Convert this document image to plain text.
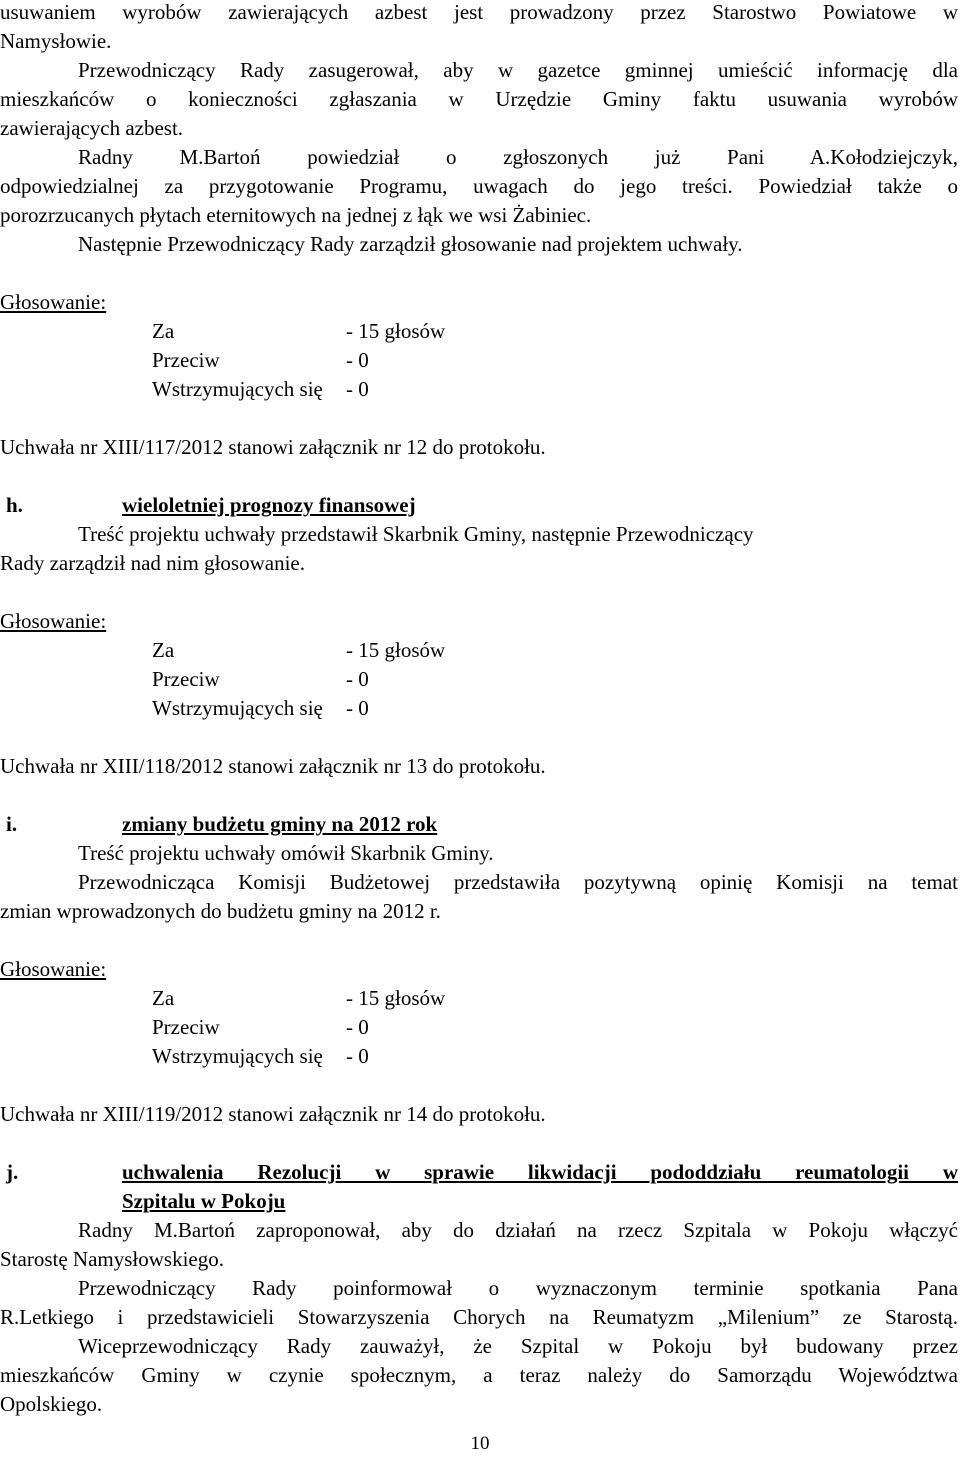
usuwaniem wyrobów zawierających azbest jest prowadzony przez Starostwo Powiatowe w
Namysłowie.
Przewodniczący Rady zasugerował, aby w gazetce gminnej umieścić informację dla
mieszkańców o konieczności zgłaszania w Urzędzie Gminy faktu usuwania wyrobów
zawierających azbest.
Radny M.Bartoń powiedział o zgłoszonych już Pani A.Kołodziejczyk,
odpowiedzialnej za przygotowanie Programu, uwagach do jego treści. Powiedział także o
porozrzucanych płytach eternitowych na jednej z łąk we wsi Żabiniec.
Następnie Przewodniczący Rady zarządził głosowanie nad projektem uchwały.
Głosowanie:
Za	- 15 głosów
Przeciw	- 0
Wstrzymujących się - 0
Uchwała nr XIII/117/2012 stanowi załącznik nr 12 do protokołu.
h.	wieloletniej prognozy finansowej
Treść projektu uchwały przedstawił Skarbnik Gminy, następnie Przewodniczący
Rady zarządził nad nim głosowanie.
Głosowanie:
Za	- 15 głosów
Przeciw	- 0
Wstrzymujących się - 0
Uchwała nr XIII/118/2012 stanowi załącznik nr 13 do protokołu.
i.	zmiany budżetu gminy na 2012 rok
Treść projektu uchwały omówił Skarbnik Gminy.
Przewodnicząca Komisji Budżetowej przedstawiła pozytywną opinię Komisji na temat
zmian wprowadzonych do budżetu gminy na 2012 r.
Głosowanie:
Za	- 15 głosów
Przeciw	- 0
Wstrzymujących się - 0
Uchwała nr XIII/119/2012 stanowi załącznik nr 14 do protokołu.
j.	uchwalenia Rezolucji w sprawie likwidacji pododdziału reumatologii w
Szpitalu w Pokoju
Radny M.Bartoń zaproponował, aby do działań na rzecz Szpitala w Pokoju włączyć
Starostę Namysłowskiego.
Przewodniczący Rady poinformował o wyznaczonym terminie spotkania Pana
R.Letkiego i przedstawicieli Stowarzyszenia Chorych na Reumatyzm „Milenium” ze Starostą.
Wiceprzewodniczący Rady zauważył, że Szpital w Pokoju był budowany przez
mieszkańców Gminy w czynie społecznym, a teraz należy do Samorządu Województwa
Opolskiego.
10
